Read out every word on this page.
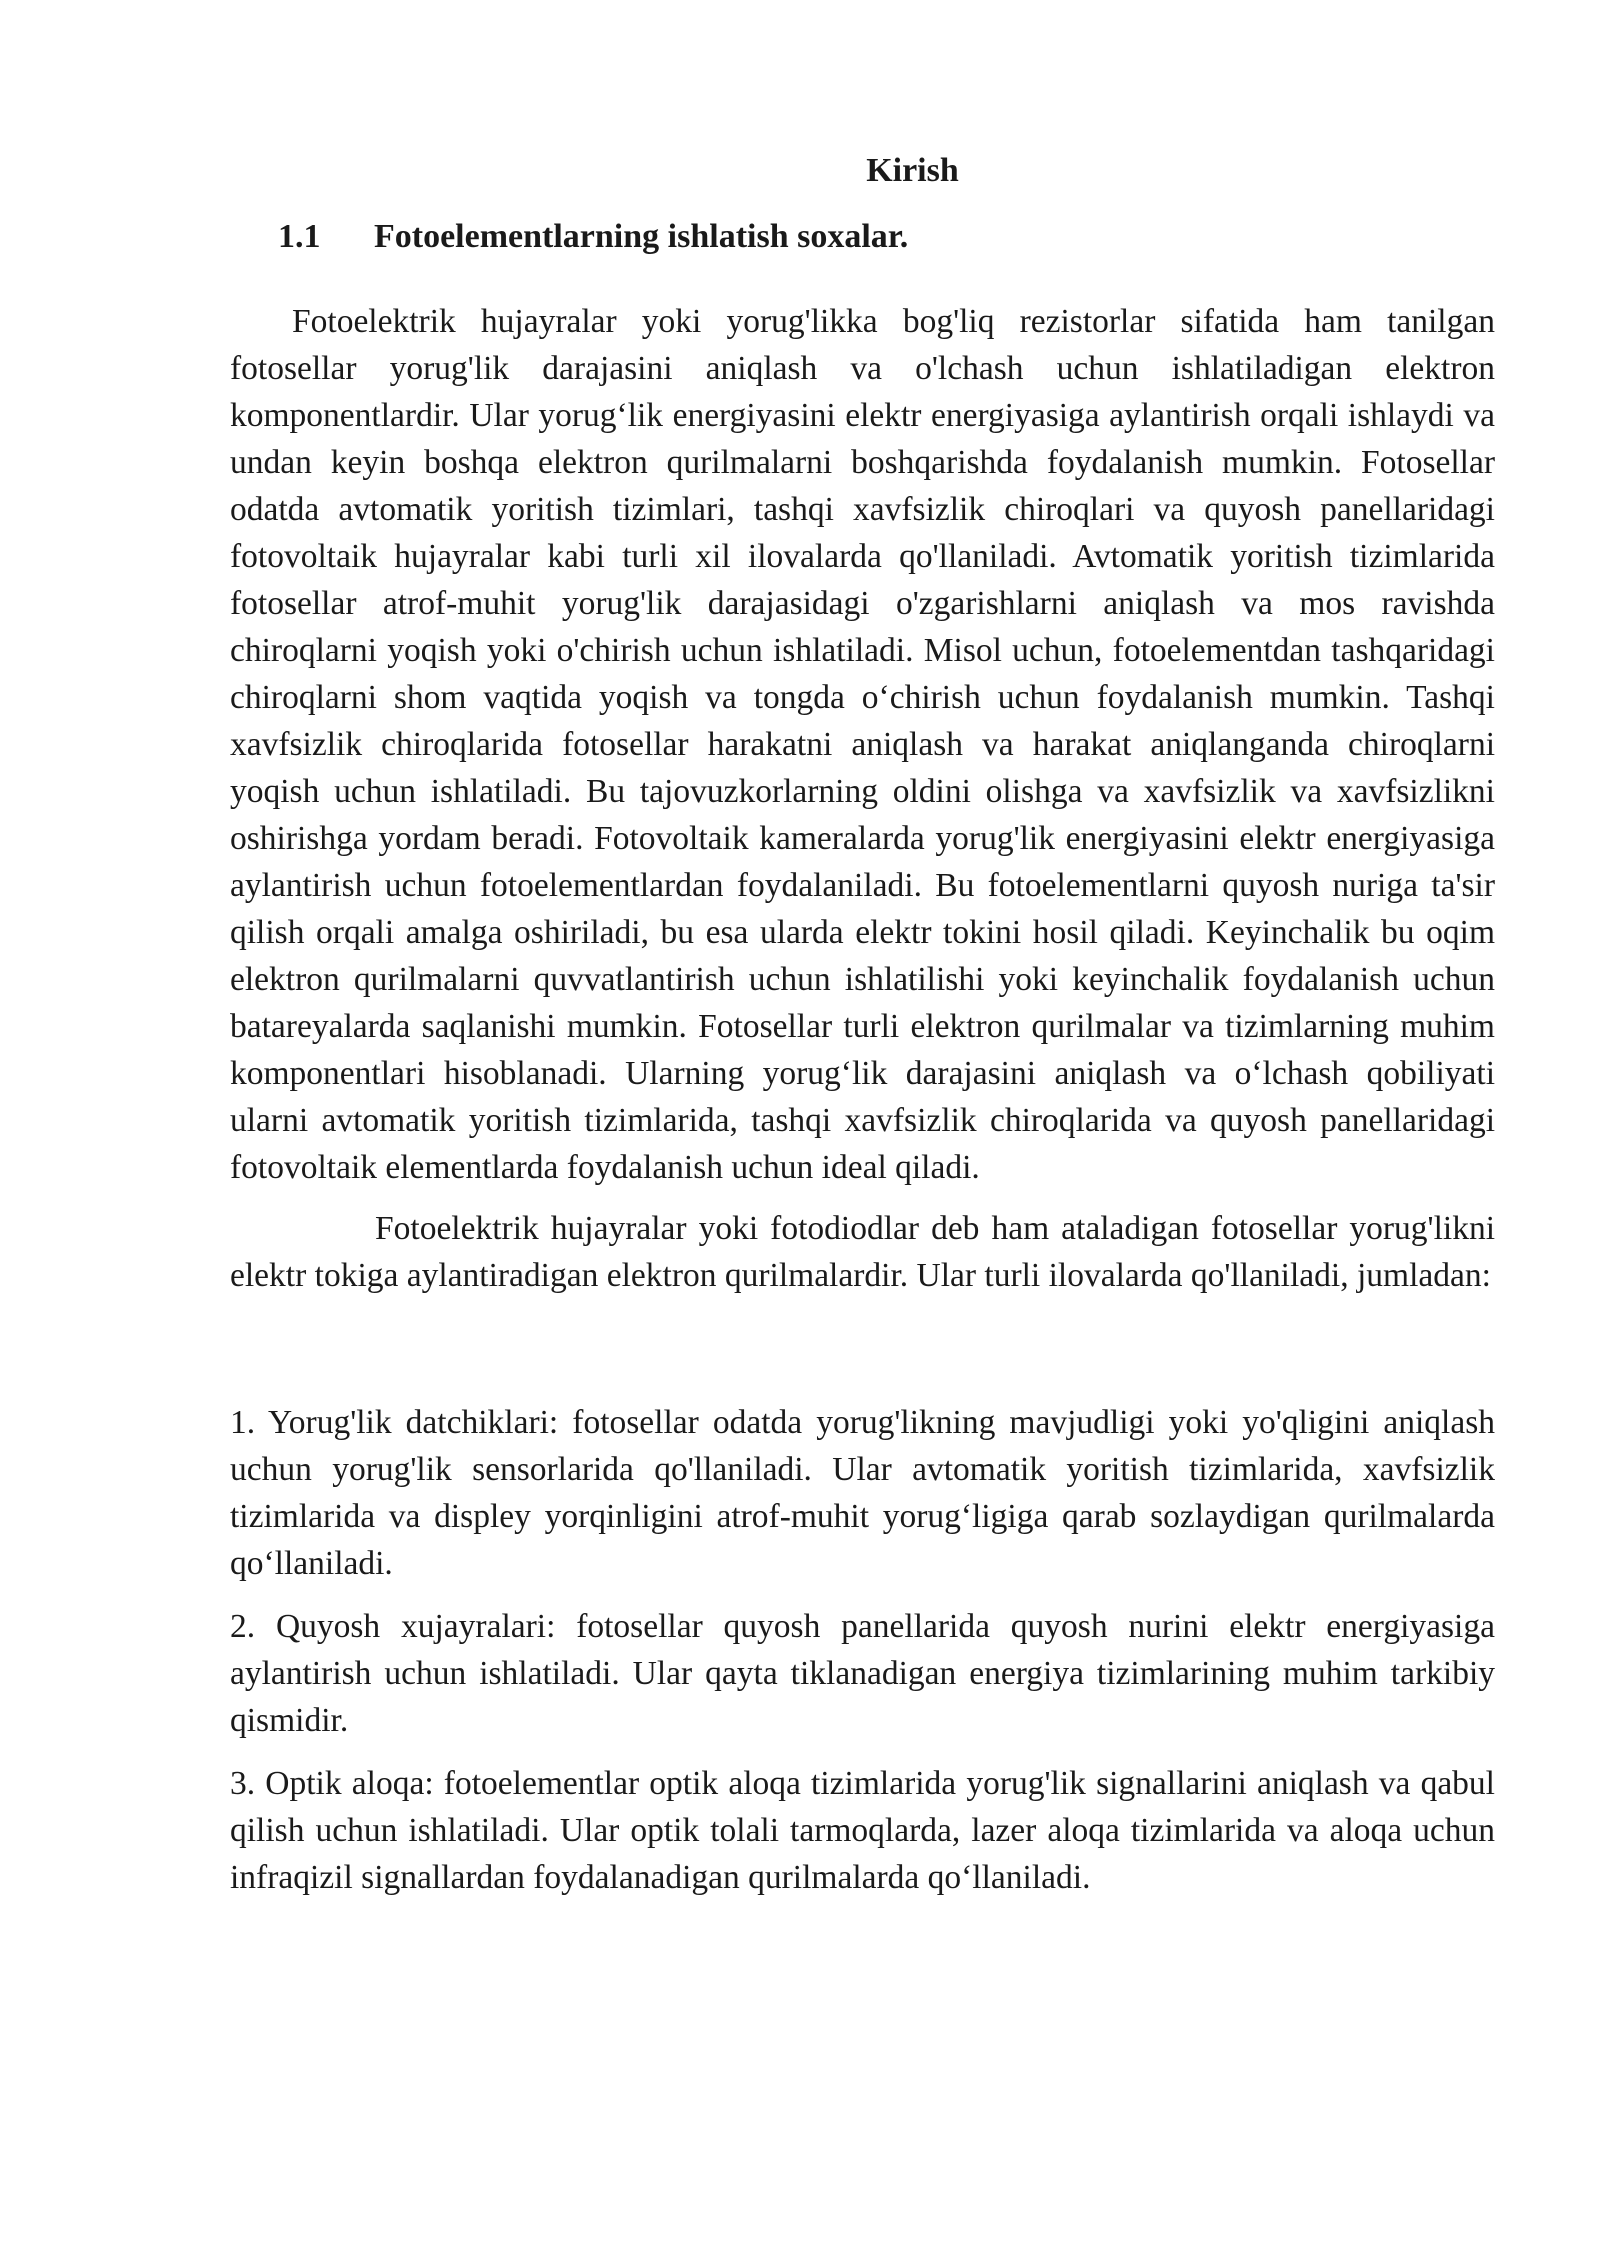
Kirish
1.1 Fotoelementlarning ishlatish soxalar.

Fotoelektrik hujayralar yoki yorug'likka bog'liq rezistorlar sifatida ham tanilgan fotosellar yorug'lik darajasini aniqlash va o'lchash uchun ishlatiladigan elektron komponentlardir. Ular yorug‘lik energiyasini elektr energiyasiga aylantirish orqali ishlaydi va undan keyin boshqa elektron qurilmalarni boshqarishda foydalanish mumkin. Fotosellar odatda avtomatik yoritish tizimlari, tashqi xavfsizlik chiroqlari va quyosh panellaridagi fotovoltaik hujayralar kabi turli xil ilovalarda qo'llaniladi. Avtomatik yoritish tizimlarida fotosellar atrof-muhit yorug'lik darajasidagi o'zgarishlarni aniqlash va mos ravishda chiroqlarni yoqish yoki o'chirish uchun ishlatiladi. Misol uchun, fotoelementdan tashqaridagi chiroqlarni shom vaqtida yoqish va tongda o‘chirish uchun foydalanish mumkin. Tashqi xavfsizlik chiroqlarida fotosellar harakatni aniqlash va harakat aniqlanganda chiroqlarni yoqish uchun ishlatiladi. Bu tajovuzkorlarning oldini olishga va xavfsizlik va xavfsizlikni oshirishga yordam beradi. Fotovoltaik kameralarda yorug'lik energiyasini elektr energiyasiga aylantirish uchun fotoelementlardan foydalaniladi. Bu fotoelementlarni quyosh nuriga ta'sir qilish orqali amalga oshiriladi, bu esa ularda elektr tokini hosil qiladi. Keyinchalik bu oqim elektron qurilmalarni quvvatlantirish uchun ishlatilishi yoki keyinchalik foydalanish uchun batareyalarda saqlanishi mumkin. Fotosellar turli elektron qurilmalar va tizimlarning muhim komponentlari hisoblanadi. Ularning yorug‘lik darajasini aniqlash va o‘lchash qobiliyati ularni avtomatik yoritish tizimlarida, tashqi xavfsizlik chiroqlarida va quyosh panellaridagi fotovoltaik elementlarda foydalanish uchun ideal qiladi.

Fotoelektrik hujayralar yoki fotodiodlar deb ham ataladigan fotosellar yorug'likni elektr tokiga aylantiradigan elektron qurilmalardir. Ular turli ilovalarda qo'llaniladi, jumladan:

1. Yorug'lik datchiklari: fotosellar odatda yorug'likning mavjudligi yoki yo'qligini aniqlash uchun yorug'lik sensorlarida qo'llaniladi. Ular avtomatik yoritish tizimlarida, xavfsizlik tizimlarida va displey yorqinligini atrof-muhit yorug‘ligiga qarab sozlaydigan qurilmalarda qo‘llaniladi.

2. Quyosh xujayralari: fotosellar quyosh panellarida quyosh nurini elektr energiyasiga aylantirish uchun ishlatiladi. Ular qayta tiklanadigan energiya tizimlarining muhim tarkibiy qismidir.

3. Optik aloqa: fotoelementlar optik aloqa tizimlarida yorug'lik signallarini aniqlash va qabul qilish uchun ishlatiladi. Ular optik tolali tarmoqlarda, lazer aloqa tizimlarida va aloqa uchun infraqizil signallardan foydalanadigan qurilmalarda qo‘llaniladi.
